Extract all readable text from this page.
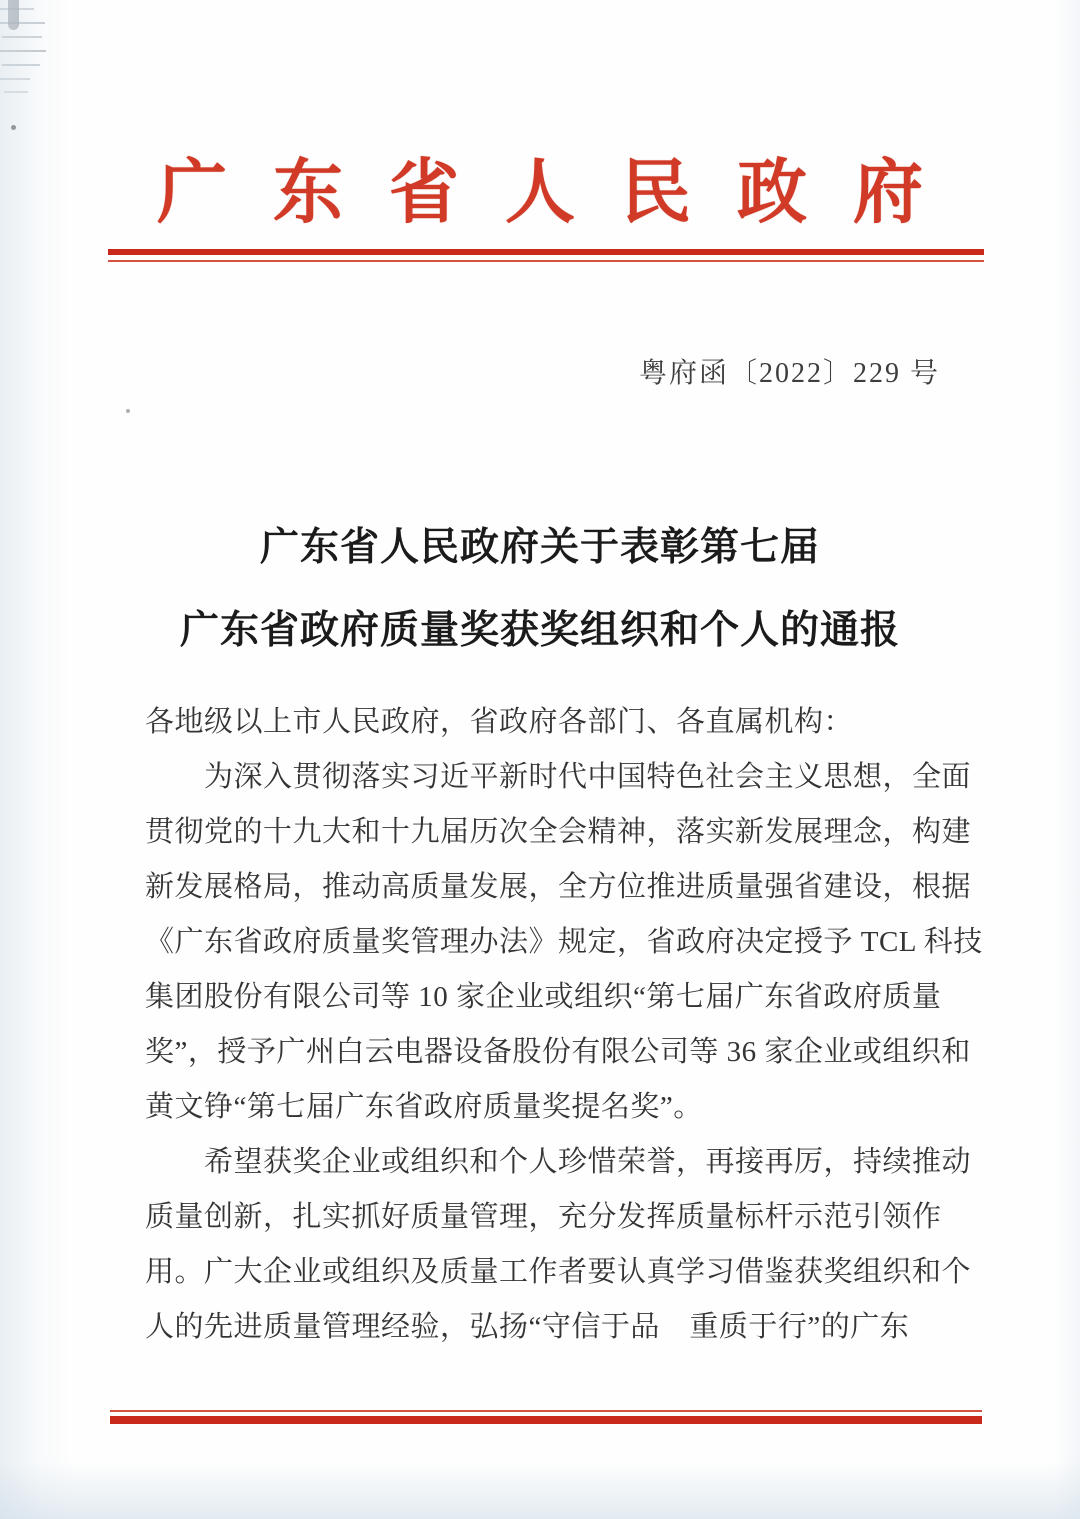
广东省人民政府
粤府函〔2022〕229 号
广东省人民政府关于表彰第七届
广东省政府质量奖获奖组织和个人的通报
各地级以上市人民政府，省政府各部门、各直属机构：
　　为深入贯彻落实习近平新时代中国特色社会主义思想，全面
贯彻党的十九大和十九届历次全会精神，落实新发展理念，构建
新发展格局，推动高质量发展，全方位推进质量强省建设，根据
《广东省政府质量奖管理办法》规定，省政府决定授予 TCL 科技
集团股份有限公司等 10 家企业或组织“第七届广东省政府质量
奖”，授予广州白云电器设备股份有限公司等 36 家企业或组织和
黄文铮“第七届广东省政府质量奖提名奖”。
　　希望获奖企业或组织和个人珍惜荣誉，再接再厉，持续推动
质量创新，扎实抓好质量管理，充分发挥质量标杆示范引领作
用。广大企业或组织及质量工作者要认真学习借鉴获奖组织和个
人的先进质量管理经验，弘扬“守信于品　重质于行”的广东
